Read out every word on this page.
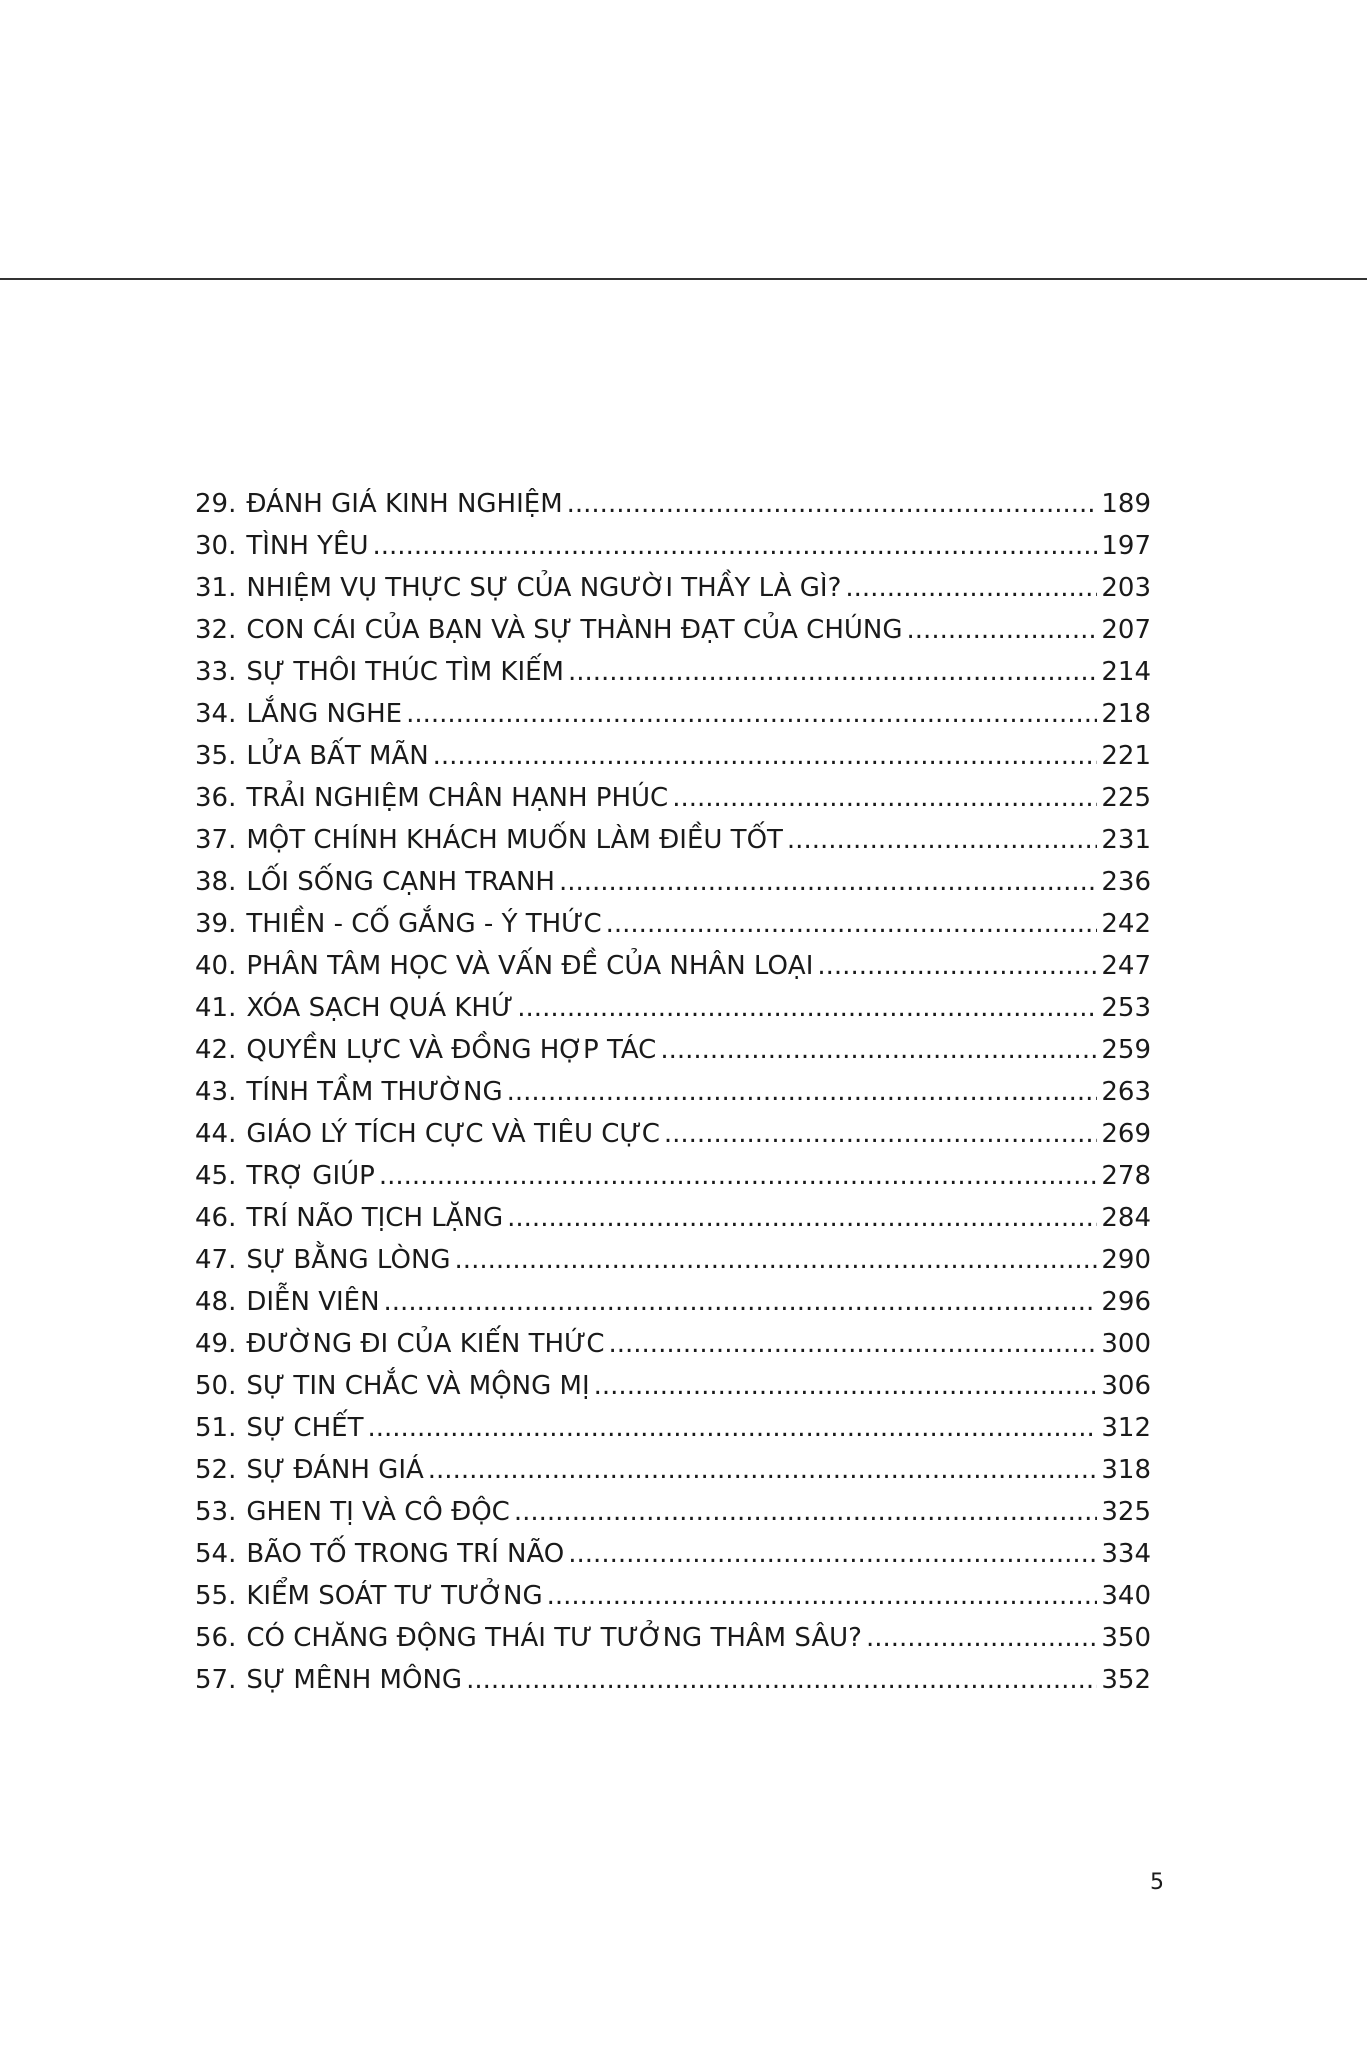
29. ĐÁNH GIÁ KINH NGHIỆM .....	189
30. TÌNH YÊU .....	197
31. NHIỆM VỤ THỰC SỰ CỦA NGƯỜI THẦY LÀ GÌ? .....	203
32. CON CÁI CỦA BẠN VÀ SỰ THÀNH ĐẠT CỦA CHÚNG .....	207
33. SỰ THÔI THÚC TÌM KIẾM .....	214
34. LẮNG NGHE .....	218
35. LỬA BẤT MÃN .....	221
36. TRẢI NGHIỆM CHÂN HẠNH PHÚC .....	225
37. MỘT CHÍNH KHÁCH MUỐN LÀM ĐIỀU TỐT .....	231
38. LỐI SỐNG CẠNH TRANH .....	236
39. THIỀN - CỐ GẮNG - Ý THỨC .....	242
40. PHÂN TÂM HỌC VÀ VẤN ĐỀ CỦA NHÂN LOẠI .....	247
41. XÓA SẠCH QUÁ KHỨ .....	253
42. QUYỀN LỰC VÀ ĐỒNG HỢP TÁC .....	259
43. TÍNH TẦM THƯỜNG .....	263
44. GIÁO LÝ TÍCH CỰC VÀ TIÊU CỰC .....	269
45. TRỢ GIÚP .....	278
46. TRÍ NÃO TỊCH LẶNG .....	284
47. SỰ BẰNG LÒNG .....	290
48. DIỄN VIÊN .....	296
49. ĐƯỜNG ĐI CỦA KIẾN THỨC .....	300
50. SỰ TIN CHẮC VÀ MỘNG MỊ .....	306
51. SỰ CHẾT .....	312
52. SỰ ĐÁNH GIÁ .....	318
53. GHEN TỊ VÀ CÔ ĐỘC .....	325
54. BÃO TỐ TRONG TRÍ NÃO .....	334
55. KIỂM SOÁT TƯ TƯỞNG .....	340
56. CÓ CHĂNG ĐỘNG THÁI TƯ TƯỞNG THÂM SÂU? .....	350
57. SỰ MÊNH MÔNG .....	352
5
